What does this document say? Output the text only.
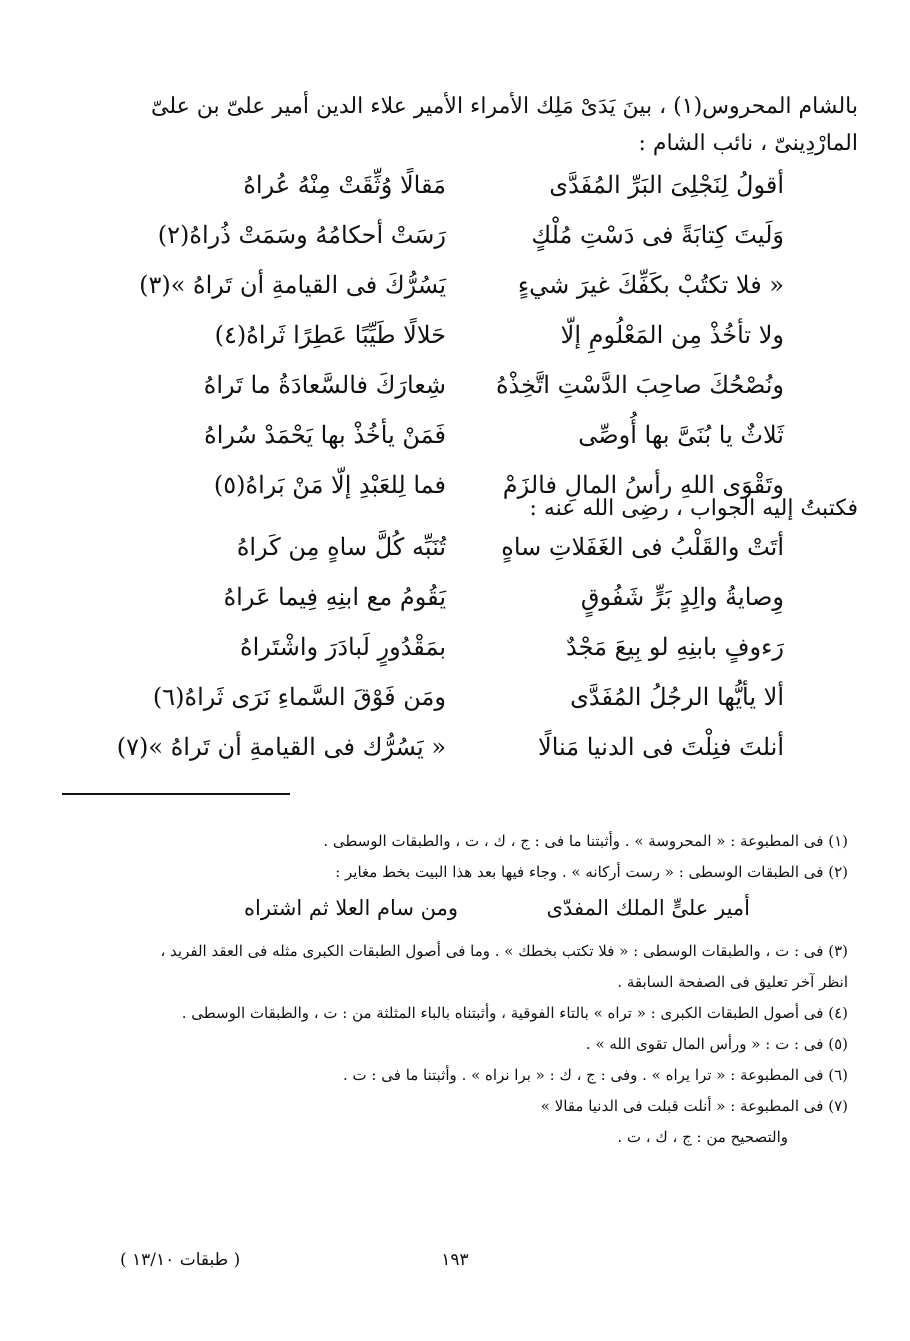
بالشام المحروس(١) ، بينَ يَدَىْ مَلِك الأمراء الأمير علاء الدين أمير علىّ بن علىّ
المارْدِينىّ ، نائب الشام :
أقولُ لِنَجْلِىَ البَرِّ المُفَدَّى
مَقالًا وُثِّقَتْ مِنْهُ عُراهُ
وَلَيتَ كِتابَةً فى دَسْتِ مُلْكٍ
رَسَتْ أحكامُهُ وسَمَتْ ذُراهُ(٢)
« فلا تكتُبْ بكَفِّكَ غيرَ شيءٍ
يَسُرُّكَ فى القيامةِ أن تَراهُ »(٣)
ولا تأخُذْ مِن المَعْلُومِ إلّا
حَلالًا طَيِّبًا عَطِرًا ثَراهُ(٤)
ونُصْحُكَ صاحِبَ الدَّسْتِ اتَّخِذْهُ
شِعارَكَ فالسَّعادَةُ ما تَراهُ
ثَلاثٌ يا بُنَىَّ بها أُوصِّى
فَمَنْ يأخُذْ بها يَحْمَدْ سُراهُ
وتَقْوَى اللهِ رأسُ المالِ فالزَمْ
فما لِلعَبْدِ إلّا مَنْ بَراهُ(٥)
فكتبتُ إليه الجواب ، رضِى الله عنه :
أتَتْ والقَلْبُ فى الغَفَلاتِ ساهٍ
تُنَبِّه كُلَّ ساهٍ مِن كَراهُ
وِصايةُ والِدٍ بَرٍّ شَفُوقٍ
يَقُومُ مع ابنِهِ فِيما عَراهُ
رَءوفٍ بابنِهِ لو بِيعَ مَجْدٌ
بمَقْدُورٍ لَبادَرَ واشْتَراهُ
ألا يأيُّها الرجُلُ المُفَدَّى
ومَن فَوْقَ السَّماءِ نَرَى ثَراهُ(٦)
أنلتَ فنِلْتَ فى الدنيا مَنالًا
« يَسُرُّك فى القيامةِ أن تَراهُ »(٧)
(١) فى المطبوعة : « المحروسة » . وأثبتنا ما فى : ج ، ك ، ت ، والطبقات الوسطى .
(٢) فى الطبقات الوسطى : « رست أركانه » . وجاء فيها بعد هذا البيت بخط مغاير :
أمير علىٍّ الملك المفدّى
ومن سام العلا ثم اشتراه
(٣) فى : ت ، والطبقات الوسطى : « فلا تكتب بخطك » . وما فى أصول الطبقات الكبرى مثله فى العقد الفريد ،
انظر آخر تعليق فى الصفحة السابقة .
(٤) فى أصول الطبقات الكبرى : « تراه » بالتاء الفوقية ، وأثبتناه بالباء المثلثة من : ت ، والطبقات الوسطى .
(٥) فى : ت : « ورأس المال تقوى الله » .
(٦) فى المطبوعة : « ترا يراه » . وفى : ج ، ك : « برا نراه » . وأثبتنا ما فى : ت .
(٧) فى المطبوعة : « أنلت قبلت فى الدنيا مقالا »
والتصحيح من : ج ، ك ، ت .
١٩٣
( طبقات ١٣/١٠ )
